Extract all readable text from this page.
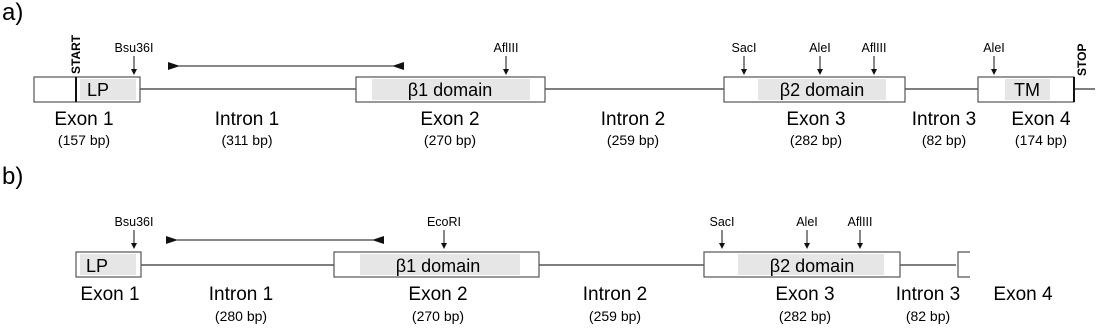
a)
START	STOP
LP	β1 domain	β2 domain	TM
Bsu36I	AflIII	SacI	AleI AflIII	AleI
Exon 1
(157 bp)
Intron 1
(311 bp)
Exon 2
(270 bp)
Intron 2
(259 bp)
Exon 3
(282 bp)
Intron 3
(82 bp)
Exon 4
(174 bp)
b)
LP	β1 domain	β2 domain
Bsu36I	EcoRI	SacI	AleI AflIII
Exon 1	Intron 1
(280 bp)
Exon 2
(270 bp)
Intron 2
(259 bp)
Exon 3
(282 bp)
Intron 3
(82 bp)
Exon 4
